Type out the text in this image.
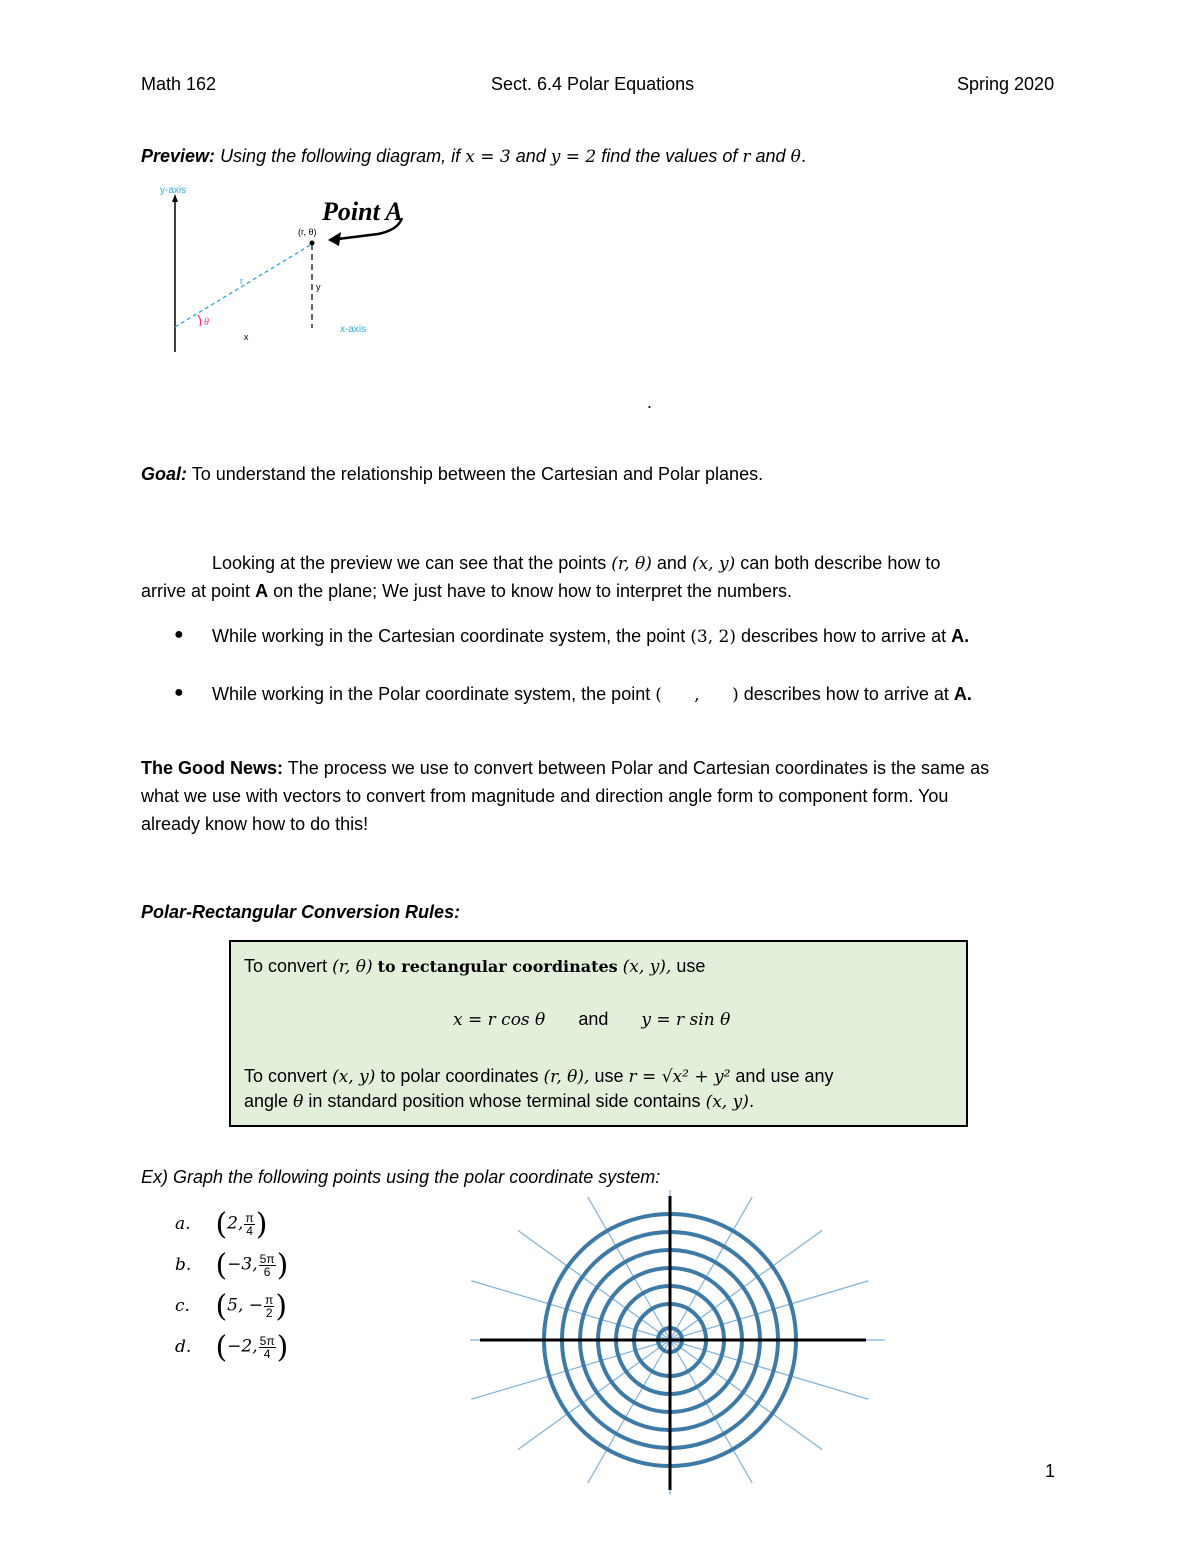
Math 162	Sect. 6.4 Polar Equations	Spring 2020
Preview: Using the following diagram, if x = 3 and y = 2 find the values of r and θ.
y-axis
(r, θ)
Point A
r
y
θ
x
x-axis
.
Goal: To understand the relationship between the Cartesian and Polar planes.
Looking at the preview we can see that the points (r, θ) and (x, y) can both describe how to
arrive at point A on the plane; We just have to know how to interpret the numbers.
● While working in the Cartesian coordinate system, the point (3, 2) describes how to arrive at A.
● While working in the Polar coordinate system, the point (      ,      ) describes how to arrive at A.
The Good News: The process we use to convert between Polar and Cartesian coordinates is the same as
what we use with vectors to convert from magnitude and direction angle form to component form. You
already know how to do this!
Polar-Rectangular Conversion Rules:
To convert (r, θ) to rectangular coordinates (x, y), use
x = r cos θ and y = r sin θ
To convert (x, y) to polar coordinates (r, θ), use r = √x² + y² and use any
angle θ in standard position whose terminal side contains (x, y).
Ex) Graph the following points using the polar coordinate system:
a. (2, $\frac{\pi}{4}$ )
b. (−3, $\frac{5\pi}{6}$ )
c. (5, − $\frac{\pi}{2}$ )
d. (−2, $\frac{5\pi}{4}$ )
1
